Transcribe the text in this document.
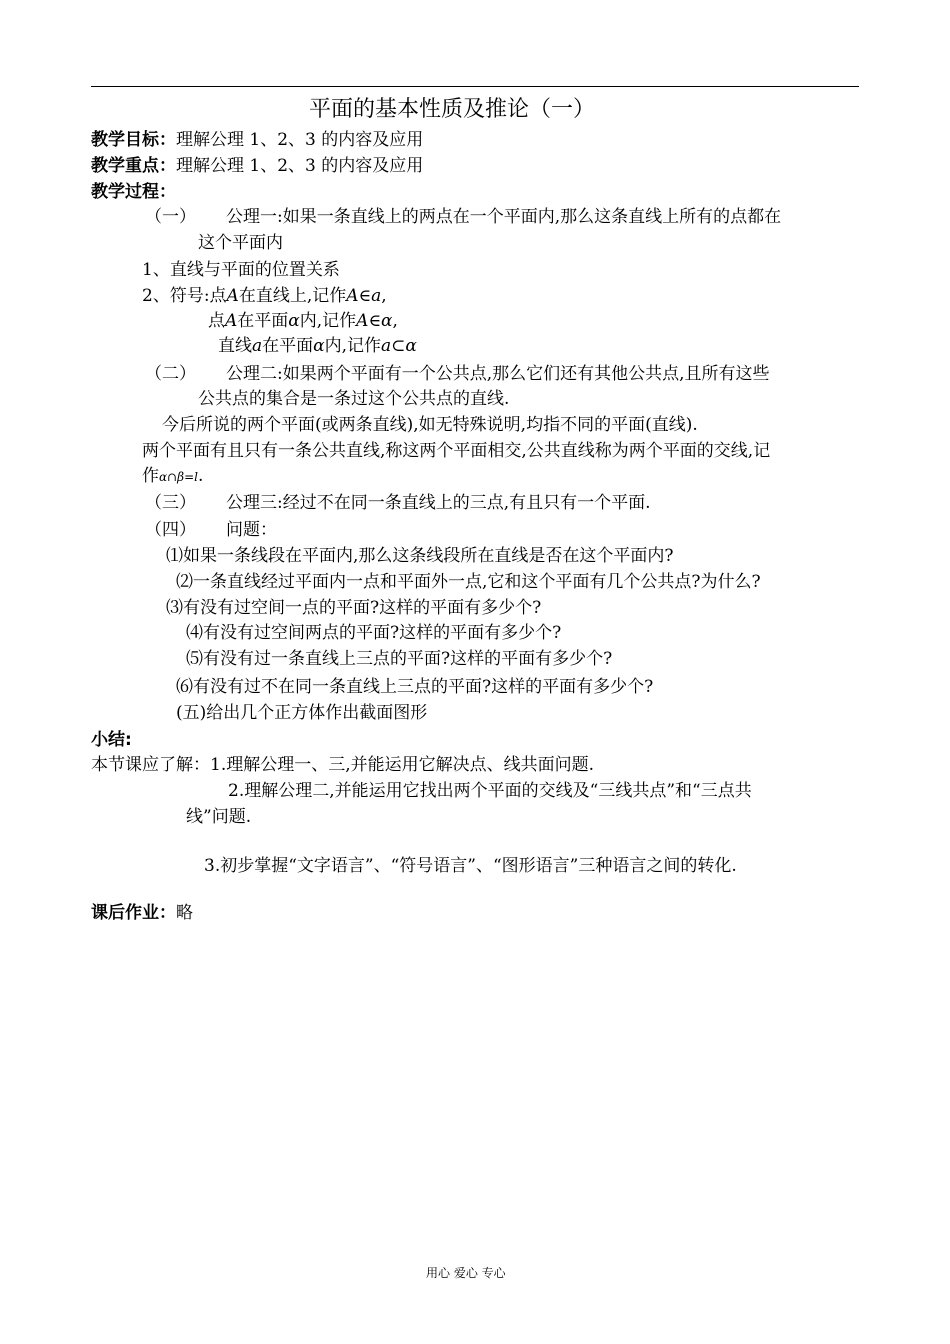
平面的基本性质及推论（一）
教学目标：理解公理 1、2、3 的内容及应用
教学重点：理解公理 1、2、3 的内容及应用
教学过程：
（一） 公理一:如果一条直线上的两点在一个平面内,那么这条直线上所有的点都在
这个平面内
1、直线与平面的位置关系
2、符号:点A在直线上,记作A∈a,
点A在平面α内,记作A∈α,
直线a在平面α内,记作a⊂α
（二） 公理二:如果两个平面有一个公共点,那么它们还有其他公共点,且所有这些
公共点的集合是一条过这个公共点的直线.
今后所说的两个平面(或两条直线),如无特殊说明,均指不同的平面(直线).
两个平面有且只有一条公共直线,称这两个平面相交,公共直线称为两个平面的交线,记
作α∩β=l.
（三） 公理三:经过不在同一条直线上的三点,有且只有一个平面.
（四） 问题：
⑴如果一条线段在平面内,那么这条线段所在直线是否在这个平面内?
⑵一条直线经过平面内一点和平面外一点,它和这个平面有几个公共点?为什么?
⑶有没有过空间一点的平面?这样的平面有多少个?
⑷有没有过空间两点的平面?这样的平面有多少个?
⑸有没有过一条直线上三点的平面?这样的平面有多少个?
⑹有没有过不在同一条直线上三点的平面?这样的平面有多少个?
(五)给出几个正方体作出截面图形
小结:
本节课应了解：1.理解公理一、三,并能运用它解决点、线共面问题.
2.理解公理二,并能运用它找出两个平面的交线及“三线共点”和“三点共
线”问题.
3.初步掌握“文字语言”、“符号语言”、“图形语言”三种语言之间的转化.
课后作业：略
用心 爱心 专心
